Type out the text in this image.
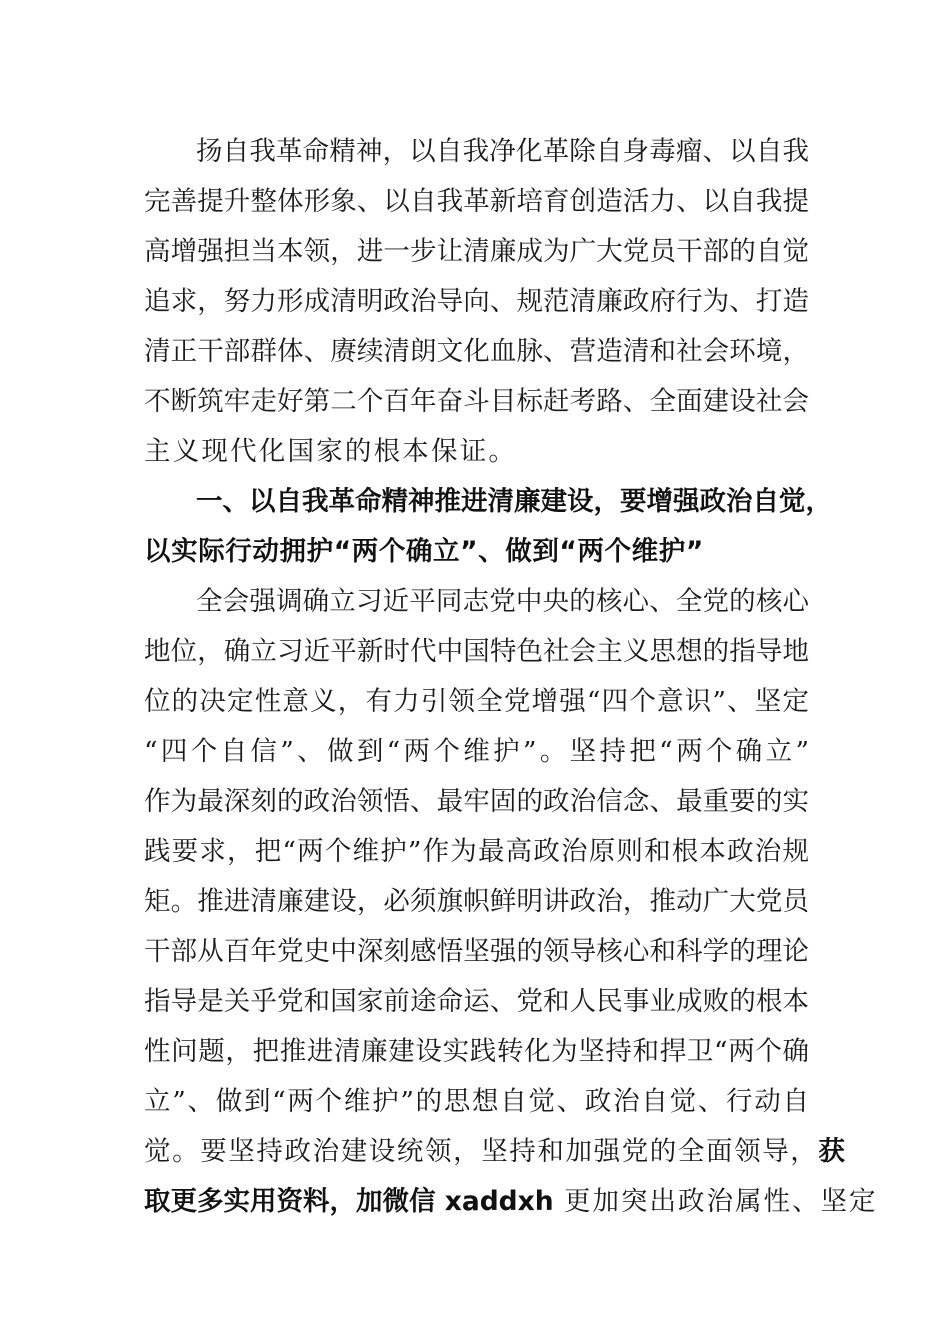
扬自我革命精神，以自我净化革除自身毒瘤、以自我
完善提升整体形象、以自我革新培育创造活力、以自我提
高增强担当本领，进一步让清廉成为广大党员干部的自觉
追求，努力形成清明政治导向、规范清廉政府行为、打造
清正干部群体、赓续清朗文化血脉、营造清和社会环境，
不断筑牢走好第二个百年奋斗目标赶考路、全面建设社会
主义现代化国家的根本保证。
一、以自我革命精神推进清廉建设，要增强政治自觉，
以实际行动拥护“两个确立”、做到“两个维护”
全会强调确立习近平同志党中央的核心、全党的核心
地位，确立习近平新时代中国特色社会主义思想的指导地
位的决定性意义，有力引领全党增强“四个意识”、坚定
“四个自信”、做到“两个维护”。坚持把“两个确立”
作为最深刻的政治领悟、最牢固的政治信念、最重要的实
践要求，把“两个维护”作为最高政治原则和根本政治规
矩。推进清廉建设，必须旗帜鲜明讲政治，推动广大党员
干部从百年党史中深刻感悟坚强的领导核心和科学的理论
指导是关乎党和国家前途命运、党和人民事业成败的根本
性问题，把推进清廉建设实践转化为坚持和捍卫“两个确
立”、做到“两个维护”的思想自觉、政治自觉、行动自
觉。要坚持政治建设统领，坚持和加强党的全面领导，获
取更多实用资料，加微信 xaddxh 更加突出政治属性、坚定
